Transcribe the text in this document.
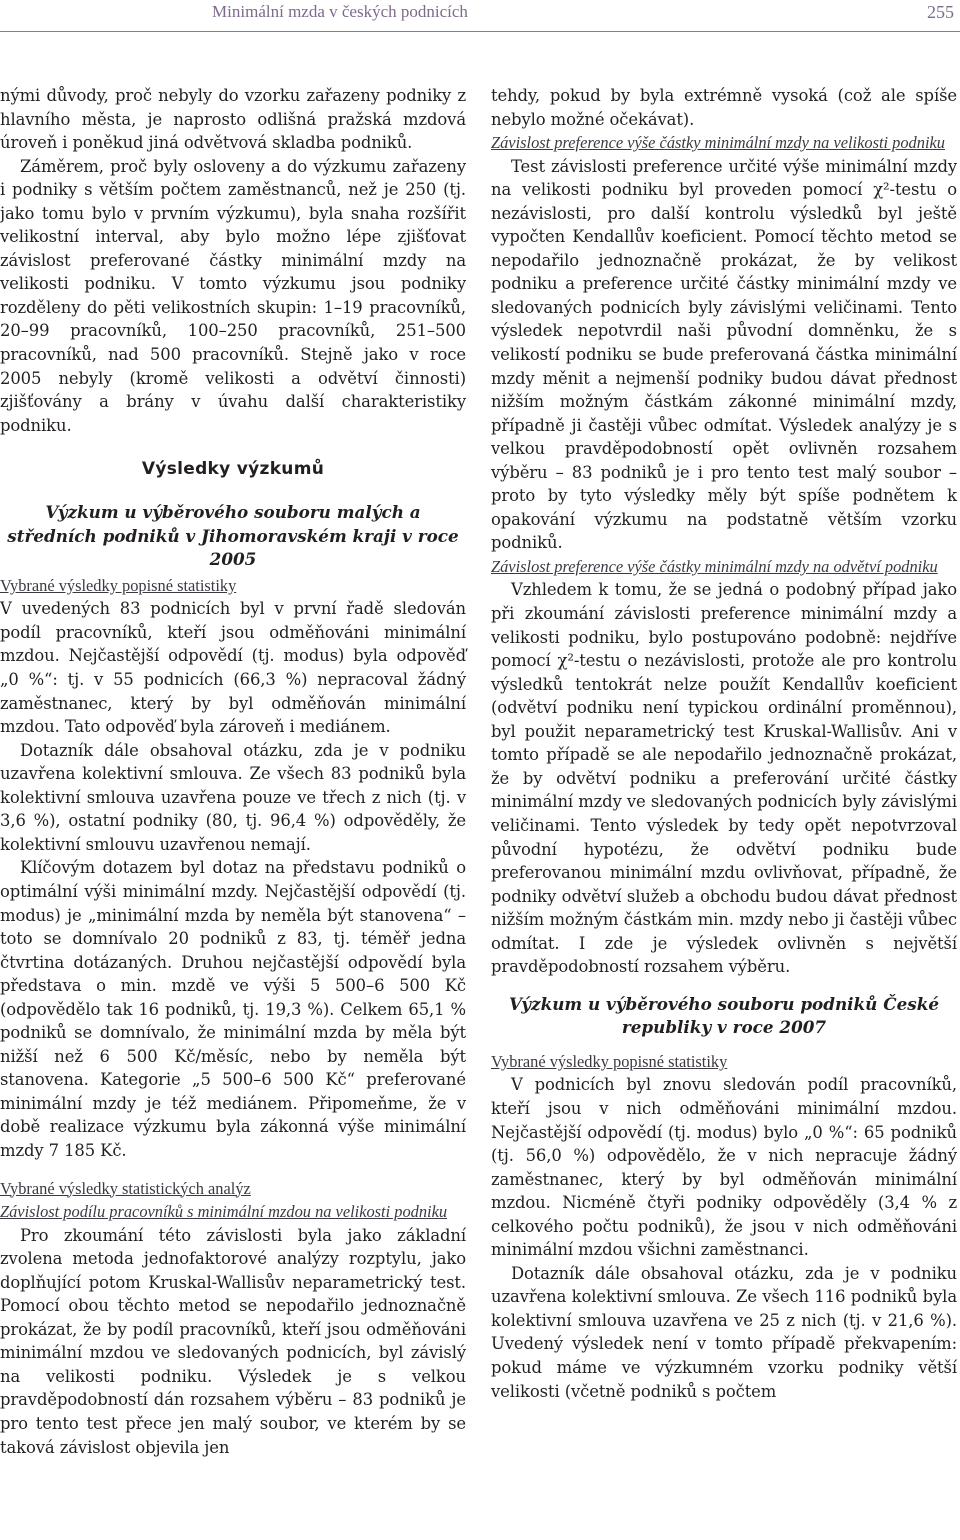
Minimální mzda v českých podnicích	255

nými důvody, proč nebyly do vzorku zařazeny podniky z hlavního města, je naprosto odlišná pražská mzdová úroveň i poněkud jiná odvětvová skladba podniků.

Záměrem, proč byly osloveny a do výzkumu zařazeny i podniky s větším počtem zaměstnanců, než je 250 (tj. jako tomu bylo v prvním výzkumu), byla snaha rozšířit velikostní interval, aby bylo možno lépe zjišťovat závislost preferované částky minimální mzdy na velikosti podniku. V tomto výzkumu jsou podniky rozděleny do pěti velikostních skupin: 1–19 pracovníků, 20–99 pracovníků, 100–250 pracovníků, 251–500 pracovníků, nad 500 pracovníků. Stejně jako v roce 2005 nebyly (kromě velikosti a odvětví činnosti) zjišťovány a brány v úvahu další charakteristiky podniku.

Výsledky výzkumů
Výzkum u výběrového souboru malých a středních podniků v Jihomoravském kraji v roce 2005
Vybrané výsledky popisné statistiky

V uvedených 83 podnicích byl v první řadě sledován podíl pracovníků, kteří jsou odměňováni minimální mzdou. Nejčastější odpovědí (tj. modus) byla odpověď „0 %“: tj. v 55 podnicích (66,3 %) nepracoval žádný zaměstnanec, který by byl odměňován minimální mzdou. Tato odpověď byla zároveň i mediánem.

Dotazník dále obsahoval otázku, zda je v podniku uzavřena kolektivní smlouva. Ze všech 83 podniků byla kolektivní smlouva uzavřena pouze ve třech z nich (tj. v 3,6 %), ostatní podniky (80, tj. 96,4 %) odpověděly, že kolektivní smlouvu uzavřenou nemají.

Klíčovým dotazem byl dotaz na představu podniků o optimální výši minimální mzdy. Nejčastější odpovědí (tj. modus) je „minimální mzda by neměla být stanovena“ – toto se domnívalo 20 podniků z 83, tj. téměř jedna čtvrtina dotázaných. Druhou nejčastější odpovědí byla představa o min. mzdě ve výši 5 500–6 500 Kč (odpovědělo tak 16 podniků, tj. 19,3 %). Celkem 65,1 % podniků se domnívalo, že minimální mzda by měla být nižší než 6 500 Kč/měsíc, nebo by neměla být stanovena. Kategorie „5 500–6 500 Kč“ preferované minimální mzdy je též mediánem. Připomeňme, že v době realizace výzkumu byla zákonná výše minimální mzdy 7 185 Kč.

Vybrané výsledky statistických analýz
Závislost podílu pracovníků s minimální mzdou na velikosti podniku

Pro zkoumání této závislosti byla jako základní zvolena metoda jednofaktorové analýzy rozptylu, jako doplňující potom Kruskal-Wallisův neparametrický test. Pomocí obou těchto metod se nepodařilo jednoznačně prokázat, že by podíl pracovníků, kteří jsou odměňováni minimální mzdou ve sledovaných podnicích, byl závislý na velikosti podniku. Výsledek je s velkou pravděpodobností dán rozsahem výběru – 83 podniků je pro tento test přece jen malý soubor, ve kterém by se taková závislost objevila jen

tehdy, pokud by byla extrémně vysoká (což ale spíše nebylo možné očekávat).

Závislost preference výše částky minimální mzdy na velikosti podniku

Test závislosti preference určité výše minimální mzdy na velikosti podniku byl proveden pomocí χ²-testu o nezávislosti, pro další kontrolu výsledků byl ještě vypočten Kendallův koeficient. Pomocí těchto metod se nepodařilo jednoznačně prokázat, že by velikost podniku a preference určité částky minimální mzdy ve sledovaných podnicích byly závislými veličinami. Tento výsledek nepotvrdil naši původní domněnku, že s velikostí podniku se bude preferovaná částka minimální mzdy měnit a nejmenší podniky budou dávat přednost nižším možným částkám zákonné minimální mzdy, případně ji častěji vůbec odmítat. Výsledek analýzy je s velkou pravděpodobností opět ovlivněn rozsahem výběru – 83 podniků je i pro tento test malý soubor – proto by tyto výsledky měly být spíše podnětem k opakování výzkumu na podstatně větším vzorku podniků.

Závislost preference výše částky minimální mzdy na odvětví podniku

Vzhledem k tomu, že se jedná o podobný případ jako při zkoumání závislosti preference minimální mzdy a velikosti podniku, bylo postupováno podobně: nejdříve pomocí χ²-testu o nezávislosti, protože ale pro kontrolu výsledků tentokrát nelze použít Kendallův koeficient (odvětví podniku není typickou ordinální proměnnou), byl použit neparametrický test Kruskal-Wallisův. Ani v tomto případě se ale nepodařilo jednoznačně prokázat, že by odvětví podniku a preferování určité částky minimální mzdy ve sledovaných podnicích byly závislými veličinami. Tento výsledek by tedy opět nepotvrzoval původní hypotézu, že odvětví podniku bude preferovanou minimální mzdu ovlivňovat, případně, že podniky odvětví služeb a obchodu budou dávat přednost nižším možným částkám min. mzdy nebo ji častěji vůbec odmítat. I zde je výsledek ovlivněn s největší pravděpodobností rozsahem výběru.

Výzkum u výběrového souboru podniků České republiky v roce 2007
Vybrané výsledky popisné statistiky

V podnicích byl znovu sledován podíl pracovníků, kteří jsou v nich odměňováni minimální mzdou. Nejčastější odpovědí (tj. modus) bylo „0 %“: 65 podniků (tj. 56,0 %) odpovědělo, že v nich nepracuje žádný zaměstnanec, který by byl odměňován minimální mzdou. Nicméně čtyři podniky odpověděly (3,4 % z celkového počtu podniků), že jsou v nich odměňováni minimální mzdou všichni zaměstnanci.

Dotazník dále obsahoval otázku, zda je v podniku uzavřena kolektivní smlouva. Ze všech 116 podniků byla kolektivní smlouva uzavřena ve 25 z nich (tj. v 21,6 %). Uvedený výsledek není v tomto případě překvapením: pokud máme ve výzkumném vzorku podniky větší velikosti (včetně podniků s počtem
